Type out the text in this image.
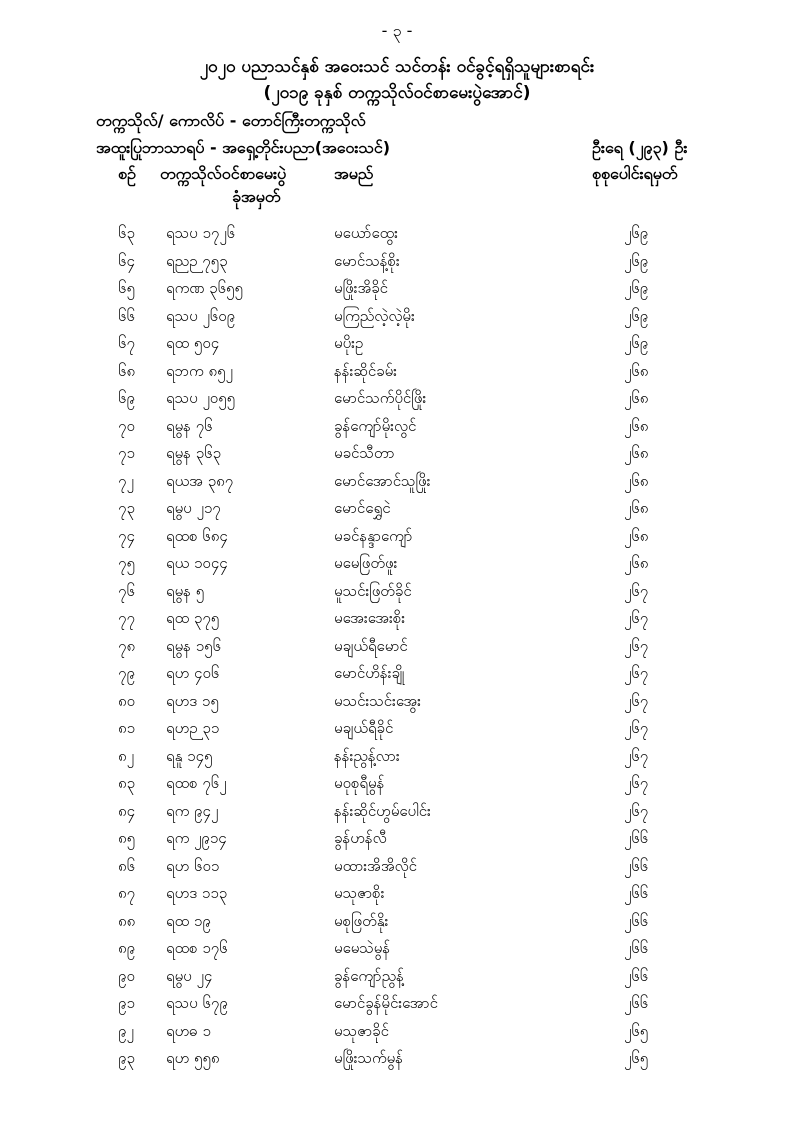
- ၃ -
၂၀၂၀ ပညာသင်နှစ် အဝေးသင် သင်တန်း ဝင်ခွင့်ရရှိသူများစာရင်း
(၂၀၁၉ ခုနှစ် တက္ကသိုလ်ဝင်စာမေးပွဲအောင်)
တက္ကသိုလ်/ ကောလိပ် - တောင်ကြီးတက္ကသိုလ်
အထူးပြုဘာသာရပ် - အရှေ့တိုင်းပညာ(အဝေးသင်)	ဦးရေ (၂၉၃) ဦး
စဉ် တက္ကသိုလ်ဝင်စာမေးပွဲ
ခုံအမှတ်
အမည်	စုစုပေါင်းရမှတ်
၆၃ ရသပ ၁၇၂၆	မယော်ထွေး	၂၆၉
၆၄ ရညဉ ၇၅၃	မောင်သန့်စိုး	၂၆၉
၆၅ ရကဏ ၃၆၅၅	မဖြိုးအိခိုင်	၂၆၉
၆၆ ရသပ ၂၆၀၉	မကြည်လဲ့လဲ့မိုး	၂၆၉
၆၇ ရထ ၅၀၄	မပိုးဥ	၂၆၉
၆၈ ရဘက ၈၅၂	နန်းဆိုင်ခမ်း	၂၆၈
၆၉ ရသပ ၂၀၅၅	မောင်သက်ပိုင်ဖြိုး	၂၆၈
၇၀ ရမွန ၇၆	ခွန်ကျော်မိုးလွင်	၂၆၈
၇၁ ရမွန ၃၆၃	မခင်သီတာ	၂၆၈
၇၂ ရယအ ၃၈၇	မောင်အောင်သူဖြိုး	၂၆၈
၇၃ ရမွပ ၂၁၇	မောင်ရွှေငဲ	၂၆၈
၇၄ ရထစ ၆၈၄	မခင်နန္ဒာကျော်	၂၆၈
၇၅ ရယ ၁၀၄၄	မမေဖြတ်ဖူး	၂၆၈
၇၆ ရမွန ၅	မူသင်းဖြတ်ခိုင်	၂၆၇
၇၇ ရထ ၃၇၅	မအေးအေးစိုး	၂၆၇
၇၈ ရမွန ၁၅၆	မချယ်ရီမောင်	၂၆၇
၇၉ ရဟ ၄၀၆	မောင်ဟိန်းချို	၂၆၇
၈၀ ရဟဒ ၁၅	မသင်းသင်းအွေး	၂၆၇
၈၁ ရဟဉ ၃၁	မချယ်ရီခိုင်	၂၆၇
၈၂ ရနူ ၁၄၅	နန်းညွန့်လား	၂၆၇
၈၃ ရထစ ၇၆၂	မဝုစုရီမွန်	၂၆၇
၈၄ ရက ၉၄၂	နန်းဆိုင်ဟွမ်ပေါင်း	၂၆၇
၈၅ ရက ၂၉၁၄	ခွန်ဟန်လီ	၂၆၆
၈၆ ရဟ ၆၀၁	မထားအိအိလိုင်	၂၆၆
၈၇ ရဟဒ ၁၁၃	မသုဇာစိုး	၂၆၆
၈၈ ရထ ၁၉	မစုဖြတ်နိုး	၂၆၆
၈၉ ရထစ ၁၇၆	မမေသဲမွန်	၂၆၆
၉၀ ရမွပ ၂၄	ခွန်ကျော်ညွန့်	၂၆၆
၉၁ ရသပ ၆၇၉	မောင်ခွန်မိုင်းအောင်	၂၆၆
၉၂ ရဟဓ ၁	မသုဇာခိုင်	၂၆၅
၉၃ ရဟ ၅၅၈	မဖြိုးသက်မွန်	၂၆၅
